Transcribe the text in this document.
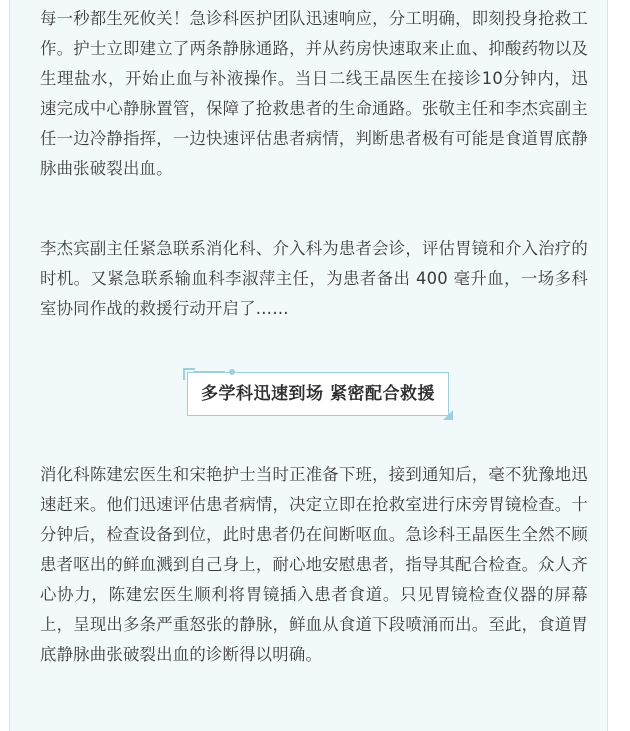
每一秒都生死攸关！急诊科医护团队迅速响应，分工明确，即刻投身抢救工作。护士立即建立了两条静脉通路，并从药房快速取来止血、抑酸药物以及生理盐水，开始止血与补液操作。当日二线王晶医生在接诊10分钟内，迅速完成中心静脉置管，保障了抢救患者的生命通路。张敬主任和李杰宾副主任一边冷静指挥，一边快速评估患者病情，判断患者极有可能是食道胃底静脉曲张破裂出血。

李杰宾副主任紧急联系消化科、介入科为患者会诊，评估胃镜和介入治疗的时机。又紧急联系输血科李淑萍主任，为患者备出 400 毫升血，一场多科室协同作战的救援行动开启了……

多学科迅速到场 紧密配合救援

消化科陈建宏医生和宋艳护士当时正准备下班，接到通知后，毫不犹豫地迅速赶来。他们迅速评估患者病情，决定立即在抢救室进行床旁胃镜检查。十分钟后，检查设备到位，此时患者仍在间断呕血。急诊科王晶医生全然不顾患者呕出的鲜血溅到自己身上，耐心地安慰患者，指导其配合检查。众人齐心协力，陈建宏医生顺利将胃镜插入患者食道。只见胃镜检查仪器的屏幕上，呈现出多条严重怒张的静脉，鲜血从食道下段喷涌而出。至此，食道胃底静脉曲张破裂出血的诊断得以明确。
